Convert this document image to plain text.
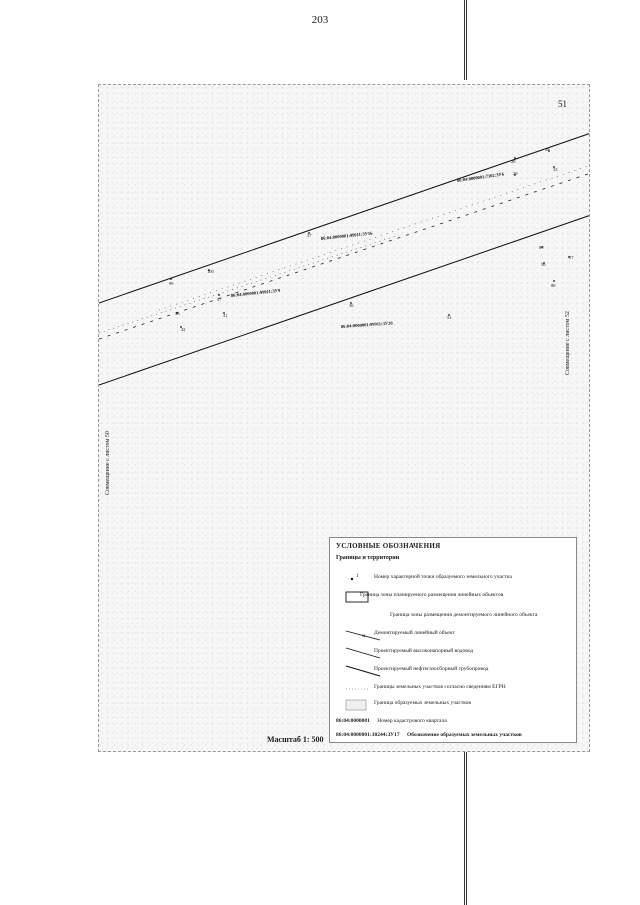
203
86:04:0000001:7102:ЗУ6
86:04:0000001:99911:ЗУ16
86:04:0000001:99911:ЗУ9
86:04:0000001:99911:ЗУ26
38
28
29
33
37
99
100
37
36	41
42
36
51
89
56
57
88
51
Совмещение с листом 52
Совмещение с листом 50
УСЛОВНЫЕ ОБОЗНАЧЕНИЯ
Границы и территории
1	Номер характерной точки образуемого земельного участка
Граница зоны планируемого размещения линейных объектов
Граница зоны размещения демонтируемого линейного объекта
×
Демонтируемый линейный объект
Проектируемый высоконапорный водовод
Проектируемый нефтегазосборный трубопровод
Границы земельных участков согласно сведениям ЕГРН
Граница образуемых земельных участков
86:04:0000001 Номер кадастрового квартала
86:04:0000001:30244:ЗУ17 Обозначение образуемых земельных участков
Масштаб 1: 500
